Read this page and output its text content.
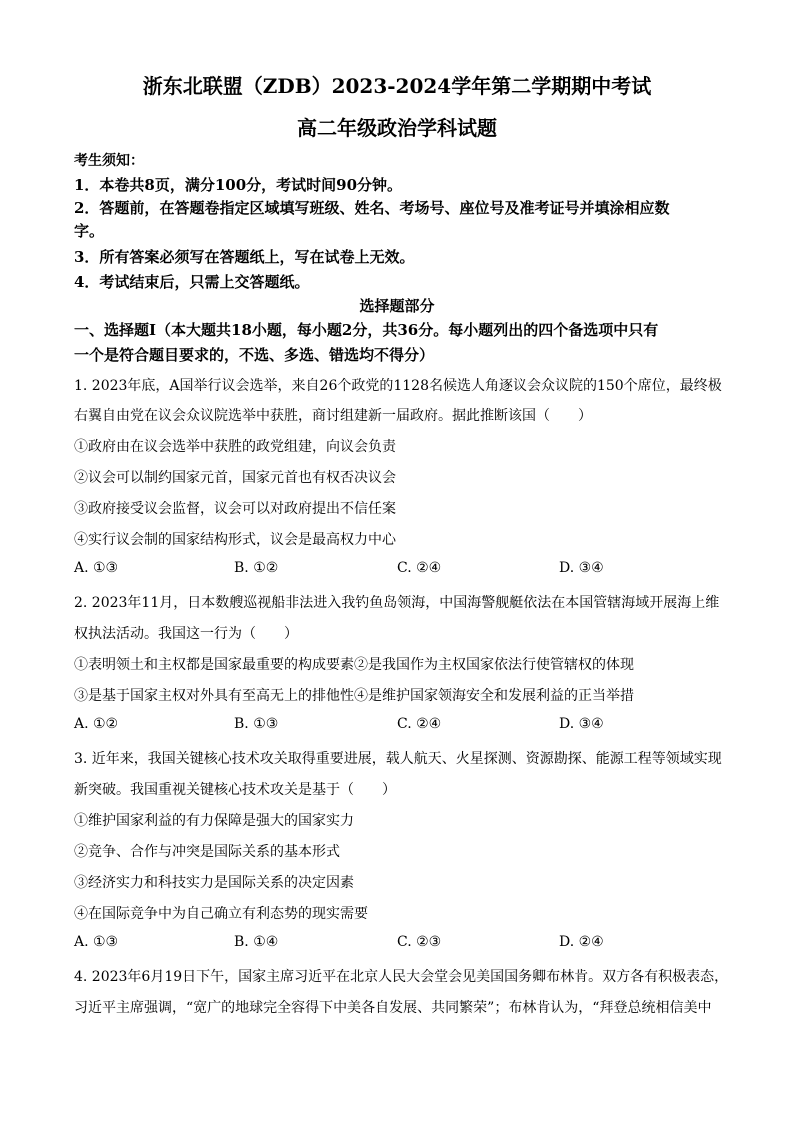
浙东北联盟（ZDB）2023-2024学年第二学期期中考试
高二年级政治学科试题
考生须知：
1．本卷共8页，满分100分，考试时间90分钟。
2．答题前，在答题卷指定区域填写班级、姓名、考场号、座位号及准考证号并填涂相应数
字。
3．所有答案必须写在答题纸上，写在试卷上无效。
4．考试结束后，只需上交答题纸。
选择题部分
一、选择题Ⅰ（本大题共18小题，每小题2分，共36分。每小题列出的四个备选项中只有
一个是符合题目要求的，不选、多选、错选均不得分）
1. 2023年底，A国举行议会选举，来自26个政党的1128名候选人角逐议会众议院的150个席位，最终极
右翼自由党在议会众议院选举中获胜，商讨组建新一届政府。据此推断该国（　　）
①政府由在议会选举中获胜的政党组建，向议会负责
②议会可以制约国家元首，国家元首也有权否决议会
③政府接受议会监督，议会可以对政府提出不信任案
④实行议会制的国家结构形式，议会是最高权力中心
A. ①③	B. ①②	C. ②④	D. ③④
2. 2023年11月，日本数艘巡视船非法进入我钓鱼岛领海，中国海警舰艇依法在本国管辖海域开展海上维
权执法活动。我国这一行为（　　）
①表明领土和主权都是国家最重要的构成要素②是我国作为主权国家依法行使管辖权的体现
③是基于国家主权对外具有至高无上的排他性④是维护国家领海安全和发展利益的正当举措
A. ①②	B. ①③	C. ②④	D. ③④
3. 近年来，我国关键核心技术攻关取得重要进展，载人航天、火星探测、资源勘探、能源工程等领域实现
新突破。我国重视关键核心技术攻关是基于（　　）
①维护国家利益的有力保障是强大的国家实力
②竞争、合作与冲突是国际关系的基本形式
③经济实力和科技实力是国际关系的决定因素
④在国际竞争中为自己确立有利态势的现实需要
A. ①③	B. ①④	C. ②③	D. ②④
4. 2023年6月19日下午，国家主席习近平在北京人民大会堂会见美国国务卿布林肯。双方各有积极表态，
习近平主席强调，“宽广的地球完全容得下中美各自发展、共同繁荣”；布林肯认为，“拜登总统相信美中
